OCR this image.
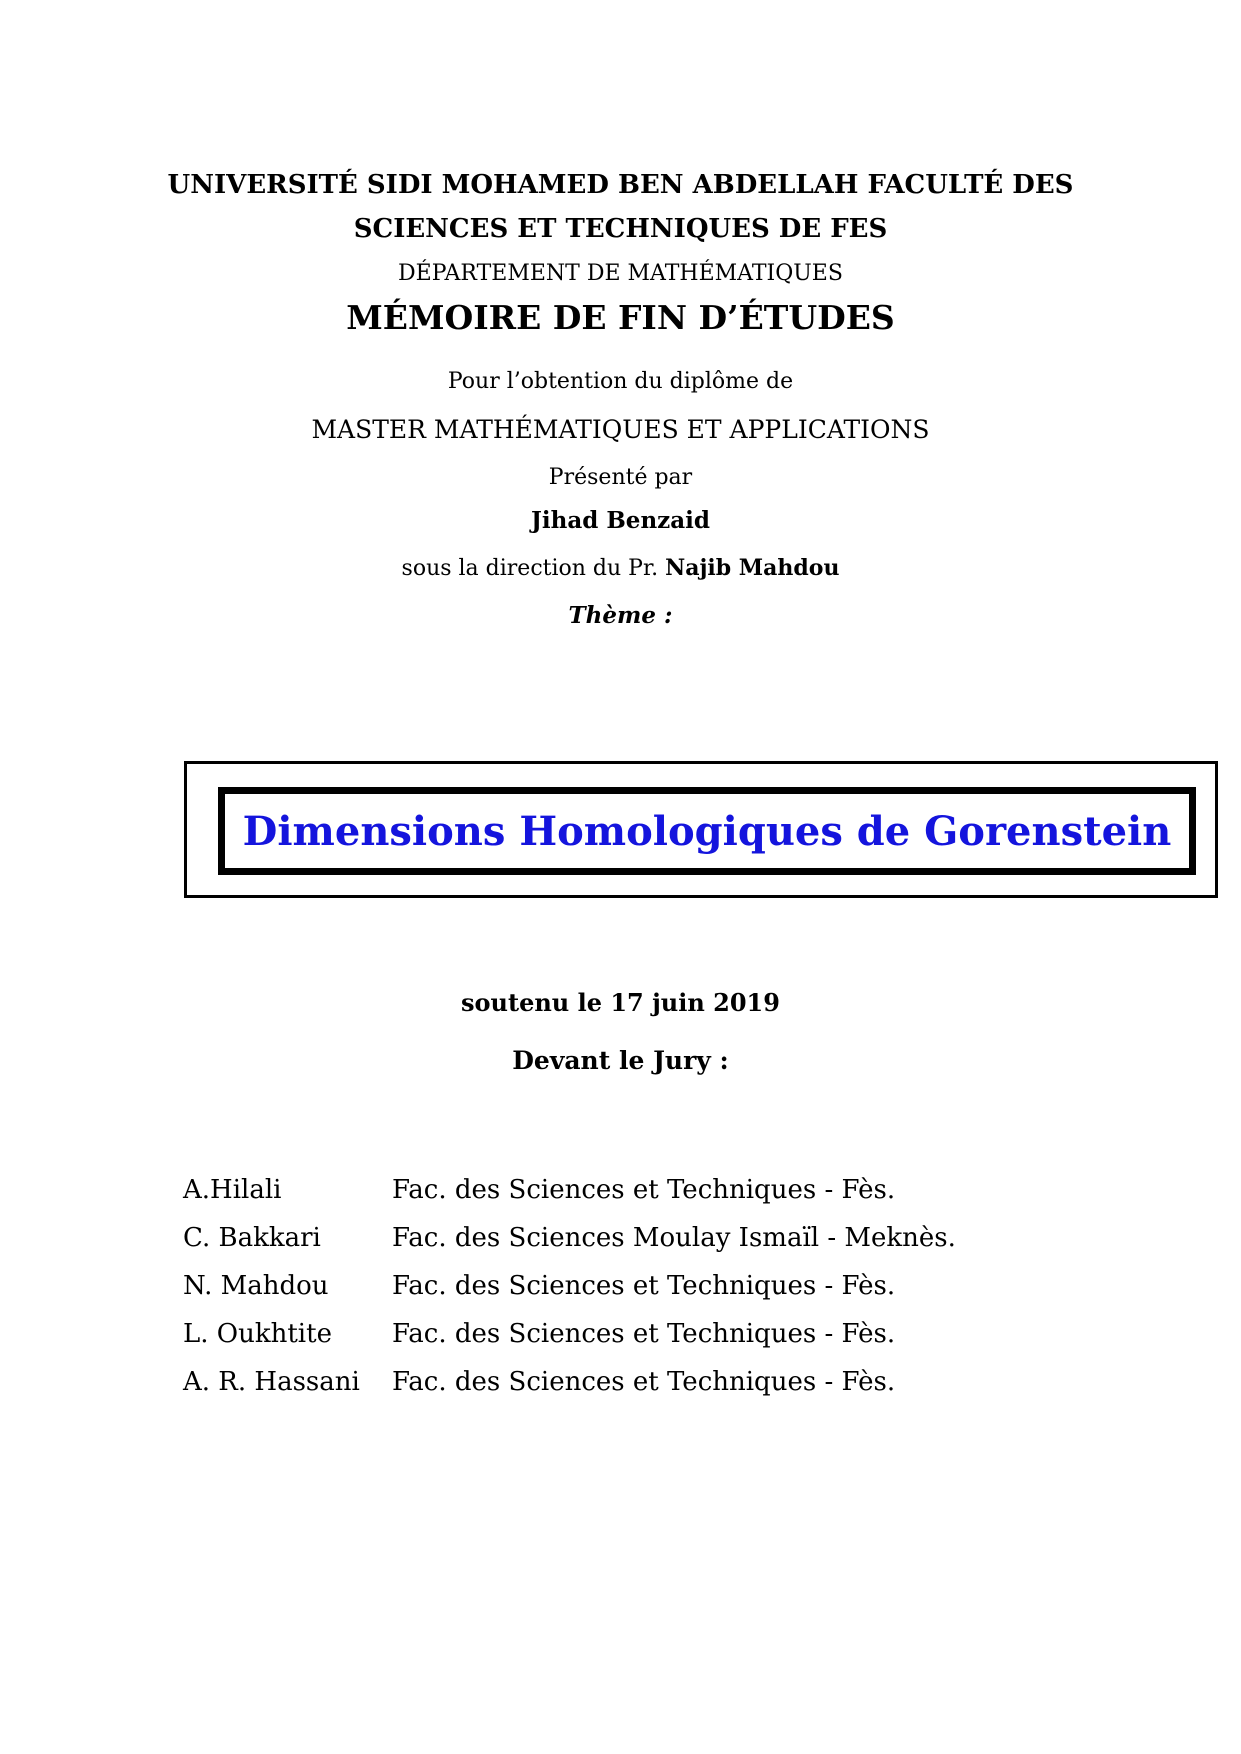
UNIVERSITÉ SIDI MOHAMED BEN ABDELLAH FACULTÉ DES
SCIENCES ET TECHNIQUES DE FES
DÉPARTEMENT DE MATHÉMATIQUES
MÉMOIRE DE FIN D’ÉTUDES
Pour l’obtention du diplôme de
MASTER MATHÉMATIQUES ET APPLICATIONS
Présenté par
Jihad Benzaid
sous la direction du Pr. Najib Mahdou
Thème :
Dimensions Homologiques de Gorenstein
soutenu le 17 juin 2019
Devant le Jury :
A.Hilali	Fac. des Sciences et Techniques - Fès.
C. Bakkari	Fac. des Sciences Moulay Ismaïl - Meknès.
N. Mahdou	Fac. des Sciences et Techniques - Fès.
L. Oukhtite	Fac. des Sciences et Techniques - Fès.
A. R. Hassani	Fac. des Sciences et Techniques - Fès.
